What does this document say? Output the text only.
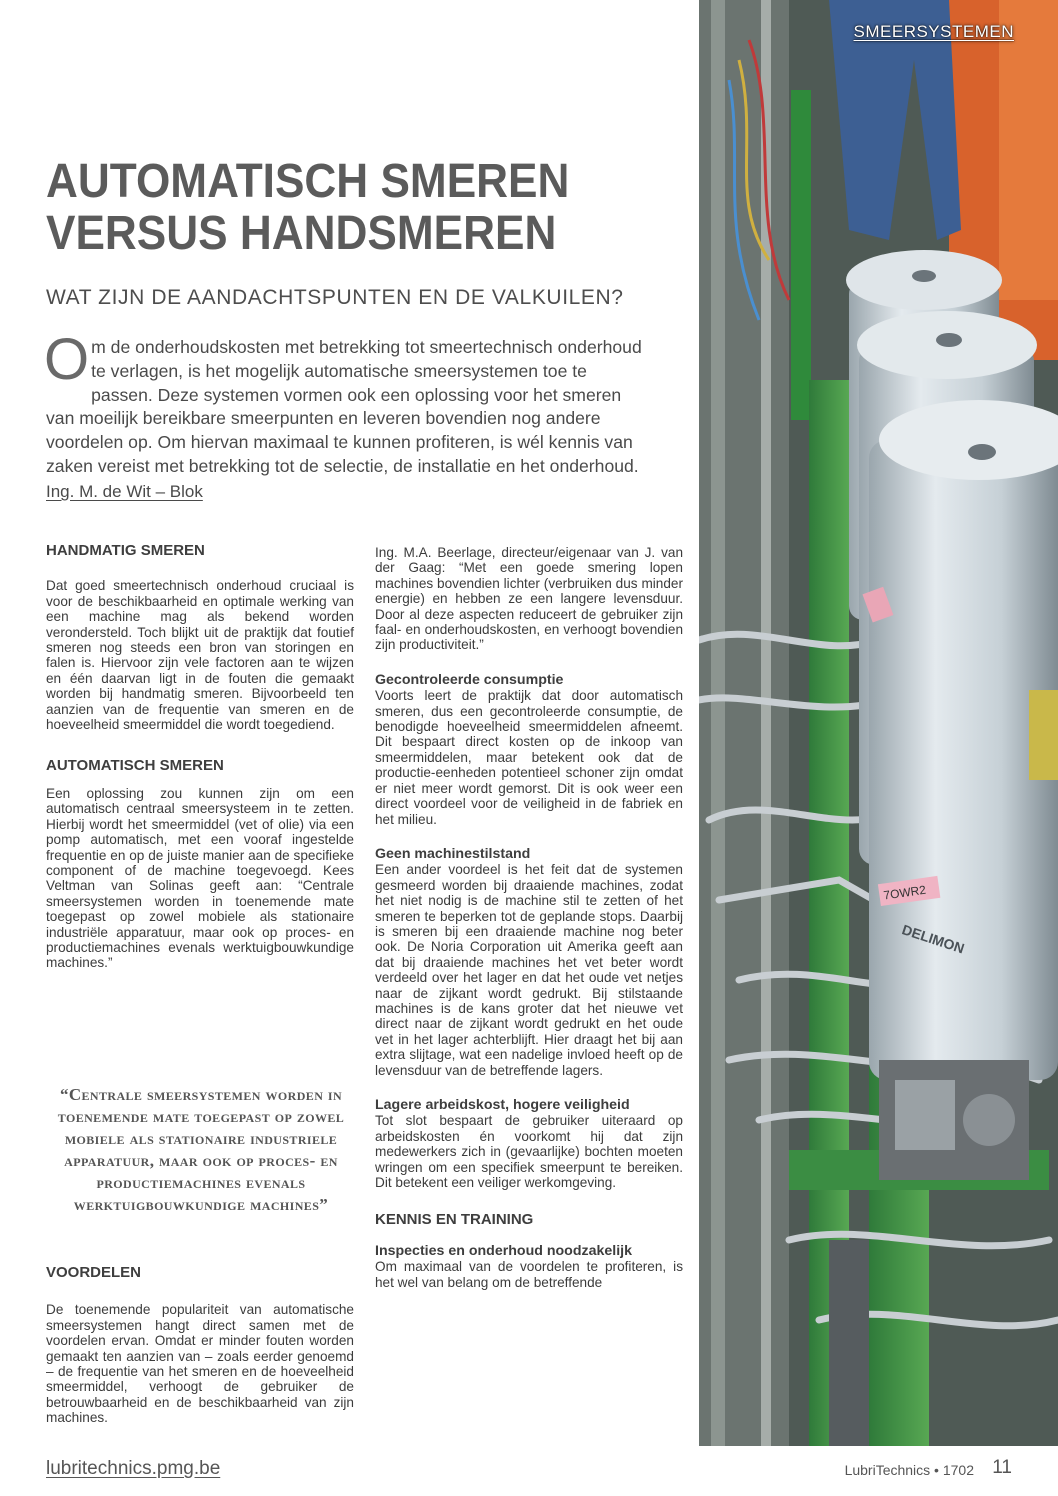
7OWR2
DELIMON
SMEERSYSTEMEN
AUTOMATISCH SMEREN
VERSUS HANDSMEREN
WAT ZIJN DE AANDACHTSPUNTEN EN DE VALKUILEN?
Om de onderhoudskosten met betrekking tot smeertechnisch onderhoud te verlagen, is het mogelijk automatische smeersystemen toe te passen. Deze systemen vormen ook een oplossing voor het smeren van moeilijk bereikbare smeerpunten en leveren bovendien nog andere voordelen op. Om hiervan maximaal te kunnen profiteren, is wél kennis van zaken vereist met betrekking tot de selectie, de installatie en het onderhoud.
Ing. M. de Wit – Blok

HANDMATIG SMEREN

Dat goed smeertechnisch onderhoud cruciaal is voor de beschikbaarheid en optimale werking van een machine mag als bekend worden verondersteld. Toch blijkt uit de praktijk dat foutief smeren nog steeds een bron van storingen en falen is. Hiervoor zijn vele factoren aan te wijzen en één daarvan ligt in de fouten die gemaakt worden bij handmatig smeren. Bijvoorbeeld ten aanzien van de frequentie van smeren en de hoeveelheid smeermiddel die wordt toegediend.

AUTOMATISCH SMEREN

Een oplossing zou kunnen zijn om een automatisch centraal smeersysteem in te zetten. Hierbij wordt het smeermiddel (vet of olie) via een pomp automatisch, met een vooraf ingestelde frequentie en op de juiste manier aan de specifieke component of de machine toegevoegd. Kees Veltman van Solinas geeft aan: “Centrale smeersystemen worden in toenemende mate toegepast op zowel mobiele als stationaire industriële apparatuur, maar ook op proces- en productiemachines evenals werktuigbouwkundige machines.”

“Centrale smeersystemen worden in toenemende mate toegepast op zowel mobiele als stationaire industriele apparatuur, maar ook op proces- en productiemachines evenals werktuigbouwkundige machines”

VOORDELEN

De toenemende populariteit van automatische smeersystemen hangt direct samen met de voordelen ervan. Omdat er minder fouten worden gemaakt ten aanzien van – zoals eerder genoemd – de frequentie van het smeren en de hoeveelheid smeermiddel, verhoogt de gebruiker de betrouwbaarheid en de beschikbaarheid van zijn machines.

Ing. M.A. Beerlage, directeur/eigenaar van J. van der Gaag: “Met een goede smering lopen machines bovendien lichter (verbruiken dus minder energie) en hebben ze een langere levensduur. Door al deze aspecten reduceert de gebruiker zijn faal- en onderhoudskosten, en verhoogt bovendien zijn productiviteit.”

Gecontroleerde consumptie

Voorts leert de praktijk dat door automatisch smeren, dus een gecontroleerde consumptie, de benodigde hoeveelheid smeermiddelen afneemt. Dit bespaart direct kosten op de inkoop van smeermiddelen, maar betekent ook dat de productie-eenheden potentieel schoner zijn omdat er niet meer wordt gemorst. Dit is ook weer een direct voordeel voor de veiligheid in de fabriek en het milieu.

Geen machinestilstand

Een ander voordeel is het feit dat de systemen gesmeerd worden bij draaiende machines, zodat het niet nodig is de machine stil te zetten of het smeren te beperken tot de geplande stops. Daarbij is smeren bij een draaiende machine nog beter ook. De Noria Corporation uit Amerika geeft aan dat bij draaiende machines het vet beter wordt verdeeld over het lager en dat het oude vet netjes naar de zijkant wordt gedrukt. Bij stilstaande machines is de kans groter dat het nieuwe vet direct naar de zijkant wordt gedrukt en het oude vet in het lager achterblijft. Hier draagt het bij aan extra slijtage, wat een nadelige invloed heeft op de levensduur van de betreffende lagers.

Lagere arbeidskost, hogere veiligheid

Tot slot bespaart de gebruiker uiteraard op arbeidskosten én voorkomt hij dat zijn medewerkers zich in (gevaarlijke) bochten moeten wringen om een specifiek smeerpunt te bereiken. Dit betekent een veiliger werkomgeving.

KENNIS EN TRAINING

Inspecties en onderhoud noodzakelijk

Om maximaal van de voordelen te profiteren, is het wel van belang om de betreffende

lubritechnics.pmg.be	LubriTechnics • 1702 11
